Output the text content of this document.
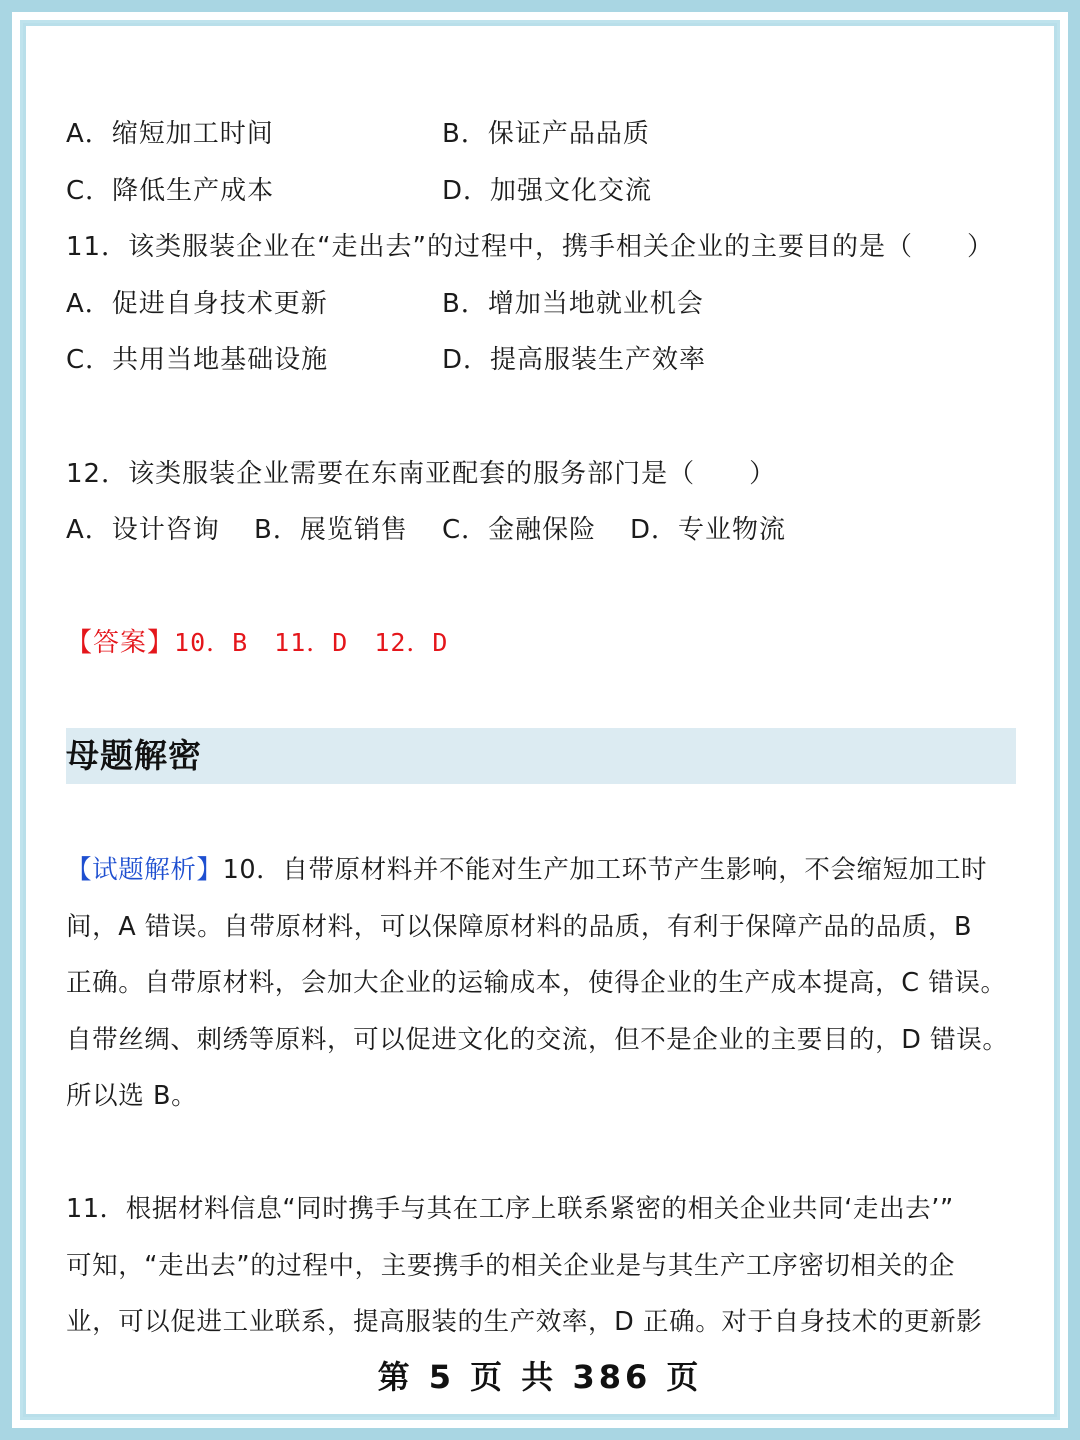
A．缩短加工时间	B．保证产品品质
C．降低生产成本	D．加强文化交流
11．该类服装企业在“走出去”的过程中，携手相关企业的主要目的是（　　）
A．促进自身技术更新	B．增加当地就业机会
C．共用当地基础设施	D．提高服装生产效率
12．该类服装企业需要在东南亚配套的服务部门是（　　）
A．设计咨询 B．展览销售 C．金融保险 D．专业物流
【答案】10．B　11．D　12．D
母题解密
【试题解析】10．自带原材料并不能对生产加工环节产生影响，不会缩短加工时
间，A 错误。自带原材料，可以保障原材料的品质，有利于保障产品的品质，B
正确。自带原材料，会加大企业的运输成本，使得企业的生产成本提高，C 错误。
自带丝绸、刺绣等原料，可以促进文化的交流，但不是企业的主要目的，D 错误。
所以选 B。
11．根据材料信息“同时携手与其在工序上联系紧密的相关企业共同‘走出去’”
可知，“走出去”的过程中，主要携手的相关企业是与其生产工序密切相关的企
业，可以促进工业联系，提高服装的生产效率，D 正确。对于自身技术的更新影
第 5 页 共 386 页
